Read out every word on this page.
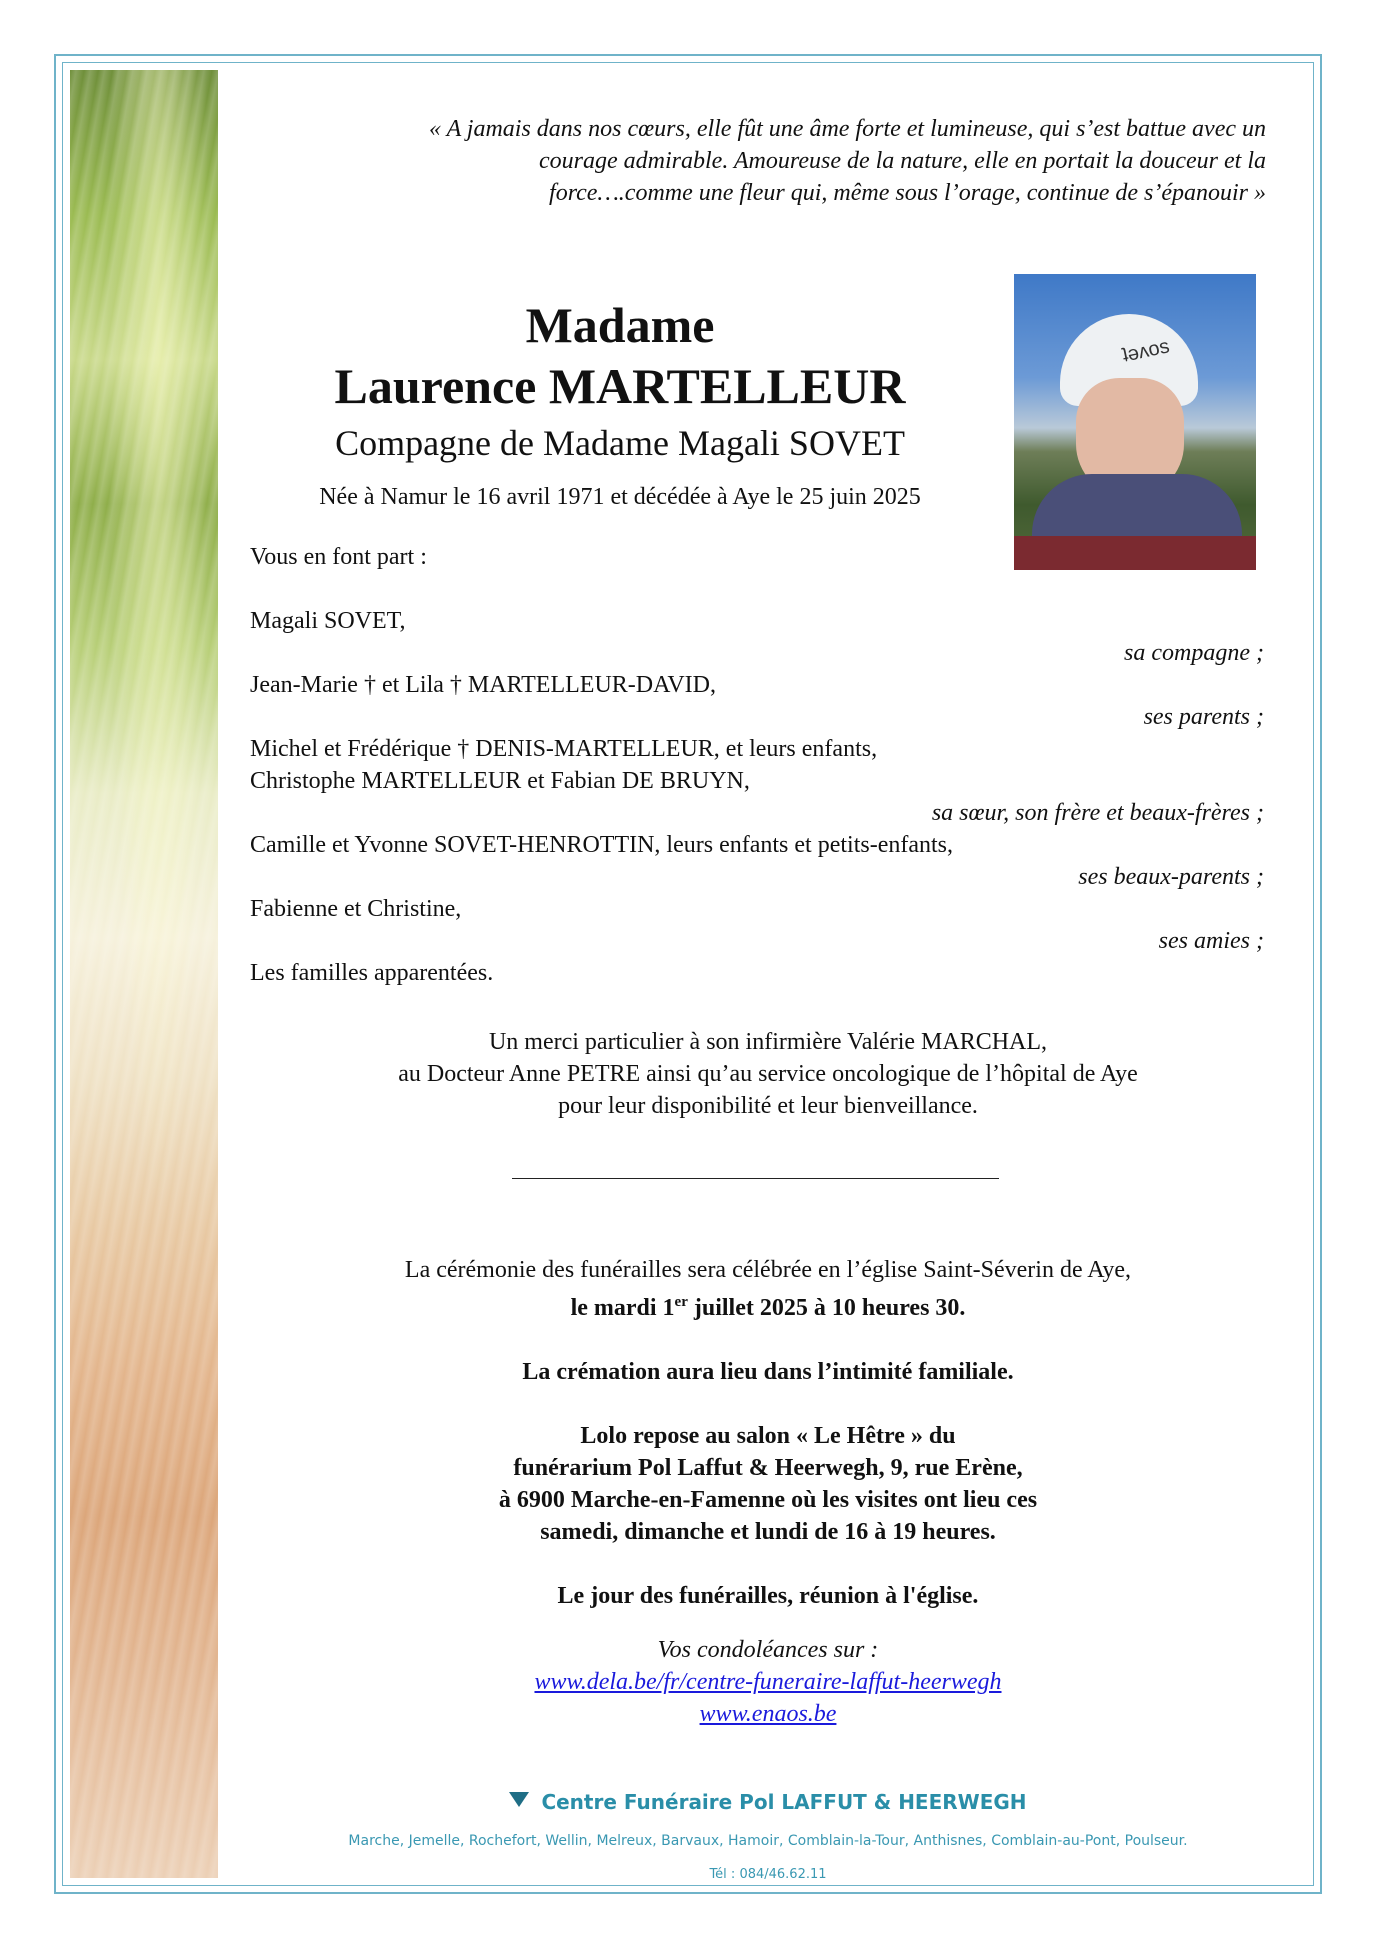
« A jamais dans nos cœurs, elle fût une âme forte et lumineuse, qui s’est battue avec un
courage admirable. Amoureuse de la nature, elle en portait la douceur et la
force….comme une fleur qui, même sous l’orage, continue de s’épanouir »
ʇəʌos
Madame
Laurence MARTELLEUR
Compagne de Madame Magali SOVET
Née à Namur le 16 avril 1971 et décédée à Aye le 25 juin 2025
Vous en font part :
Magali SOVET,
sa compagne ;
Jean-Marie † et Lila † MARTELLEUR-DAVID,
ses parents ;
Michel et Frédérique † DENIS-MARTELLEUR, et leurs enfants,
Christophe MARTELLEUR et Fabian DE BRUYN,
sa sœur, son frère et beaux-frères ;
Camille et Yvonne SOVET-HENROTTIN, leurs enfants et petits-enfants,
ses beaux-parents ;
Fabienne et Christine,
ses amies ;
Les familles apparentées.
Un merci particulier à son infirmière Valérie MARCHAL,
au Docteur Anne PETRE ainsi qu’au service oncologique de l’hôpital de Aye
pour leur disponibilité et leur bienveillance.
La cérémonie des funérailles sera célébrée en l’église Saint-Séverin de Aye,
le mardi 1er juillet 2025 à 10 heures 30.
La crémation aura lieu dans l’intimité familiale.
Lolo repose au salon « Le Hêtre » du
funérarium Pol Laffut & Heerwegh, 9, rue Erène,
à 6900 Marche-en-Famenne où les visites ont lieu ces
samedi, dimanche et lundi de 16 à 19 heures.
Le jour des funérailles, réunion à l'église.
Vos condoléances sur :
www.dela.be/fr/centre-funeraire-laffut-heerwegh
www.enaos.be
Centre Funéraire Pol LAFFUT & HEERWEGH
Marche, Jemelle, Rochefort, Wellin, Melreux, Barvaux, Hamoir, Comblain-la-Tour, Anthisnes, Comblain-au-Pont, Poulseur.
Tél : 084/46.62.11
